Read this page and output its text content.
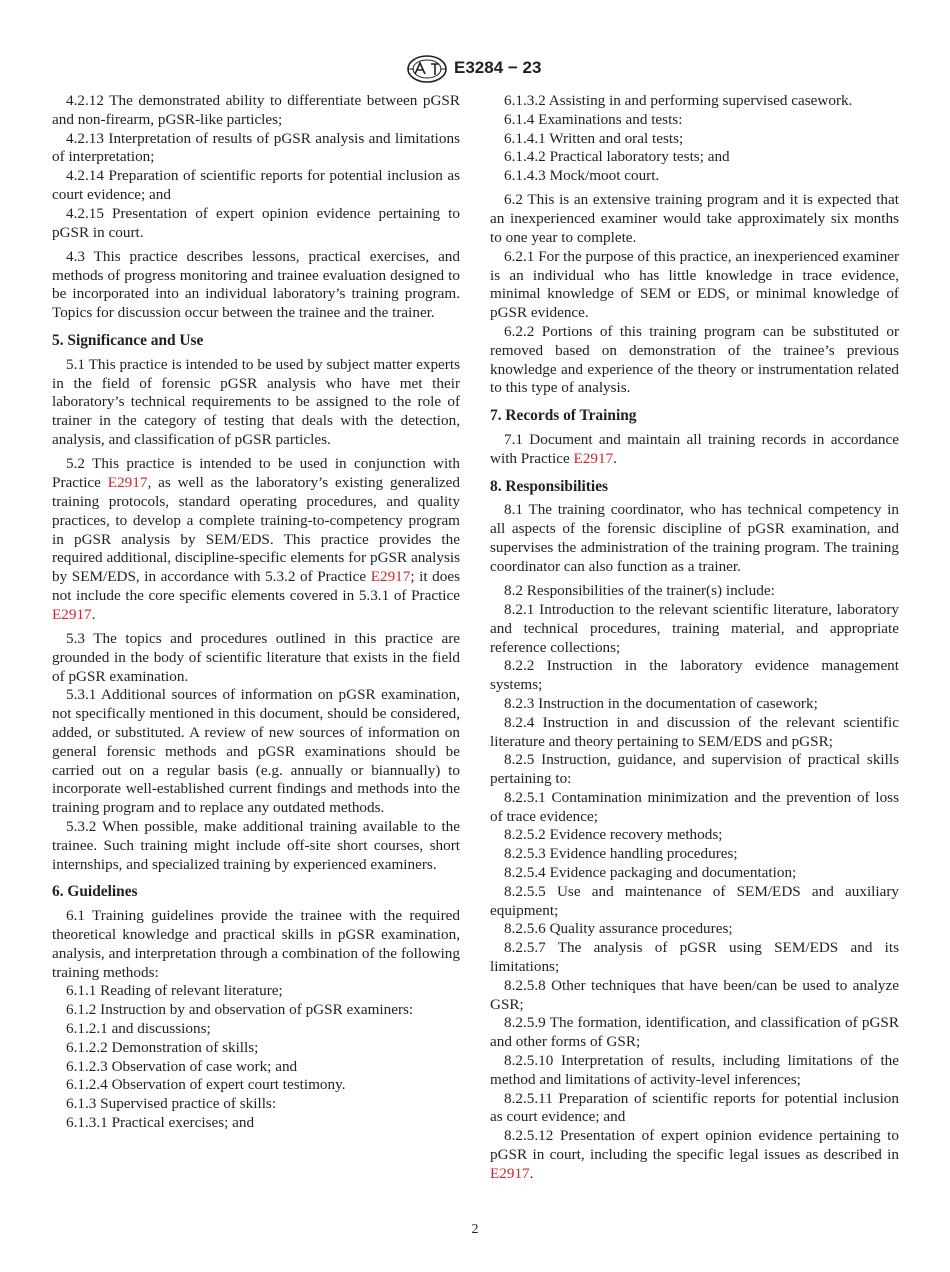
E3284 − 23

4.2.12 The demonstrated ability to differentiate between pGSR and non-firearm, pGSR-like particles;

4.2.13 Interpretation of results of pGSR analysis and limitations of interpretation;

4.2.14 Preparation of scientific reports for potential inclusion as court evidence; and

4.2.15 Presentation of expert opinion evidence pertaining to pGSR in court.

4.3 This practice describes lessons, practical exercises, and methods of progress monitoring and trainee evaluation designed to be incorporated into an individual laboratory’s training program. Topics for discussion occur between the trainee and the trainer.

5. Significance and Use

5.1 This practice is intended to be used by subject matter experts in the field of forensic pGSR analysis who have met their laboratory’s technical requirements to be assigned to the role of trainer in the category of testing that deals with the detection, analysis, and classification of pGSR particles.

5.2 This practice is intended to be used in conjunction with Practice E2917, as well as the laboratory’s existing generalized training protocols, standard operating procedures, and quality practices, to develop a complete training-to-competency program in pGSR analysis by SEM/EDS. This practice provides the required additional, discipline-specific elements for pGSR analysis by SEM/EDS, in accordance with 5.3.2 of Practice E2917; it does not include the core specific elements covered in 5.3.1 of Practice E2917.

5.3 The topics and procedures outlined in this practice are grounded in the body of scientific literature that exists in the field of pGSR examination.

5.3.1 Additional sources of information on pGSR examination, not specifically mentioned in this document, should be considered, added, or substituted. A review of new sources of information on general forensic methods and pGSR examinations should be carried out on a regular basis (e.g. annually or biannually) to incorporate well-established current findings and methods into the training program and to replace any outdated methods.

5.3.2 When possible, make additional training available to the trainee. Such training might include off-site short courses, short internships, and specialized training by experienced examiners.

6. Guidelines

6.1 Training guidelines provide the trainee with the required theoretical knowledge and practical skills in pGSR examination, analysis, and interpretation through a combination of the following training methods:

6.1.1 Reading of relevant literature;

6.1.2 Instruction by and observation of pGSR examiners:

6.1.2.1 and discussions;

6.1.2.2 Demonstration of skills;

6.1.2.3 Observation of case work; and

6.1.2.4 Observation of expert court testimony.

6.1.3 Supervised practice of skills:

6.1.3.1 Practical exercises; and

6.1.3.2 Assisting in and performing supervised casework.

6.1.4 Examinations and tests:

6.1.4.1 Written and oral tests;

6.1.4.2 Practical laboratory tests; and

6.1.4.3 Mock/moot court.

6.2 This is an extensive training program and it is expected that an inexperienced examiner would take approximately six months to one year to complete.

6.2.1 For the purpose of this practice, an inexperienced examiner is an individual who has little knowledge in trace evidence, minimal knowledge of SEM or EDS, or minimal knowledge of pGSR evidence.

6.2.2 Portions of this training program can be substituted or removed based on demonstration of the trainee’s previous knowledge and experience of the theory or instrumentation related to this type of analysis.

7. Records of Training

7.1 Document and maintain all training records in accordance with Practice E2917.

8. Responsibilities

8.1 The training coordinator, who has technical competency in all aspects of the forensic discipline of pGSR examination, and supervises the administration of the training program. The training coordinator can also function as a trainer.

8.2 Responsibilities of the trainer(s) include:

8.2.1 Introduction to the relevant scientific literature, laboratory and technical procedures, training material, and appropriate reference collections;

8.2.2 Instruction in the laboratory evidence management systems;

8.2.3 Instruction in the documentation of casework;

8.2.4 Instruction in and discussion of the relevant scientific literature and theory pertaining to SEM/EDS and pGSR;

8.2.5 Instruction, guidance, and supervision of practical skills pertaining to:

8.2.5.1 Contamination minimization and the prevention of loss of trace evidence;

8.2.5.2 Evidence recovery methods;

8.2.5.3 Evidence handling procedures;

8.2.5.4 Evidence packaging and documentation;

8.2.5.5 Use and maintenance of SEM/EDS and auxiliary equipment;

8.2.5.6 Quality assurance procedures;

8.2.5.7 The analysis of pGSR using SEM/EDS and its limitations;

8.2.5.8 Other techniques that have been/can be used to analyze GSR;

8.2.5.9 The formation, identification, and classification of pGSR and other forms of GSR;

8.2.5.10 Interpretation of results, including limitations of the method and limitations of activity-level inferences;

8.2.5.11 Preparation of scientific reports for potential inclusion as court evidence; and

8.2.5.12 Presentation of expert opinion evidence pertaining to pGSR in court, including the specific legal issues as described in E2917.

2
